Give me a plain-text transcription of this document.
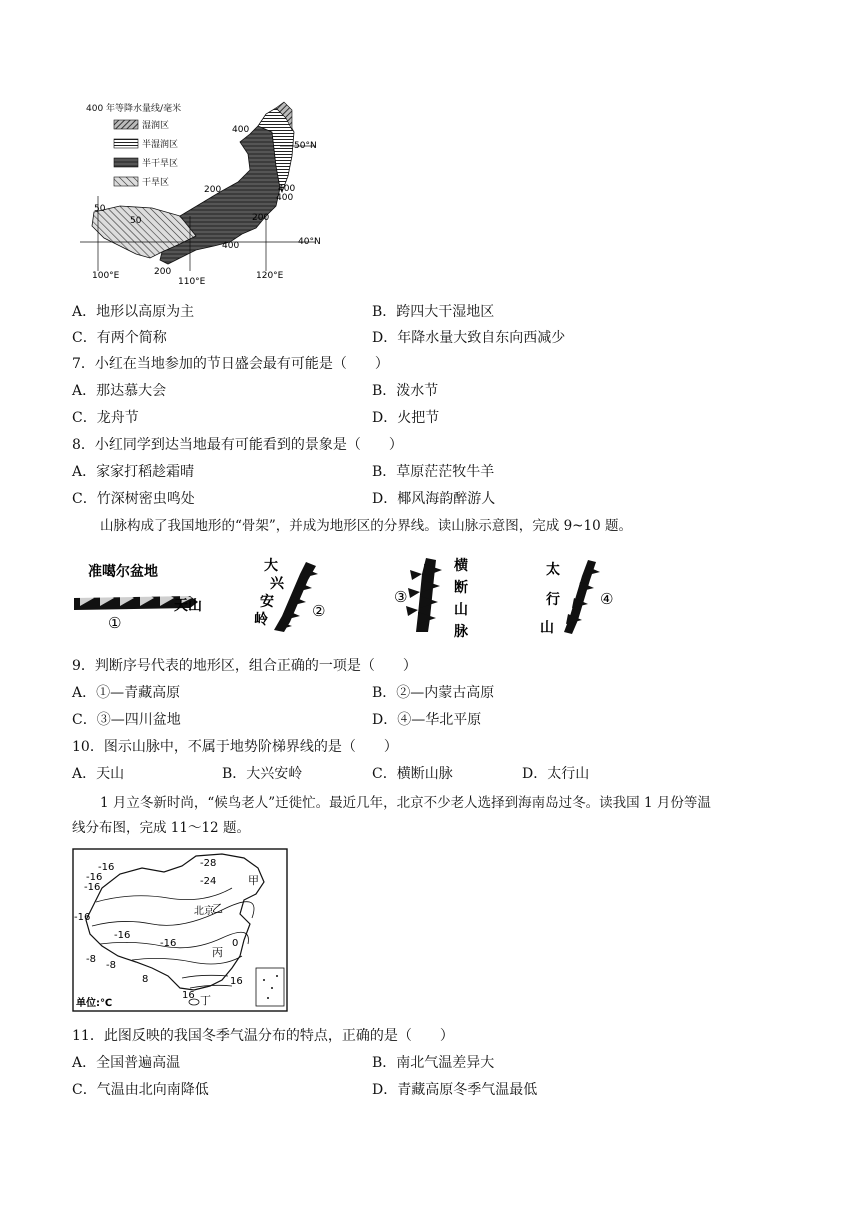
400 年等降水量线/毫米
湿润区
半湿润区
半干旱区
干旱区
400
200	400
400
200
50
50
400
200
50°N
40°N
100°E
110°E
120°E
A．地形以高原为主	B．跨四大干湿地区
C．有两个简称	D．年降水量大致自东向西减少
7．小红在当地参加的节日盛会最有可能是（　　）
A．那达慕大会	B．泼水节
C．龙舟节	D．火把节
8．小红同学到达当地最有可能看到的景象是（　　）
A．家家打稻趁霜晴	B．草原茫茫牧牛羊
C．竹深树密虫鸣处	D．椰风海韵醉游人
山脉构成了我国地形的“骨架”，并成为地形区的分界线。读山脉示意图，完成 9~10 题。
准噶尔盆地
天山
①
大
兴
安
岭	②
③
横
断
山
脉
太
行
山
④
9．判断序号代表的地形区，组合正确的一项是（　　）
A．①—青藏高原	B．②—内蒙古高原
C．③—四川盆地	D．④—华北平原
10．图示山脉中，不属于地势阶梯界线的是（　　）
A．天山	B．大兴安岭	C．横断山脉	D．太行山
1 月立冬新时尚，“候鸟老人”迁徙忙。最近几年，北京不少老人选择到海南岛过冬。读我国 1 月份等温
线分布图，完成 11～12 题。
-28
-24
-16
-16
-16
-16
-16
-16
-8
-8
0
8
16
16
甲
乙
丙
丁
北京
单位:℃
11．此图反映的我国冬季气温分布的特点，正确的是（　　）
A．全国普遍高温	B．南北气温差异大
C．气温由北向南降低	D．青藏高原冬季气温最低
